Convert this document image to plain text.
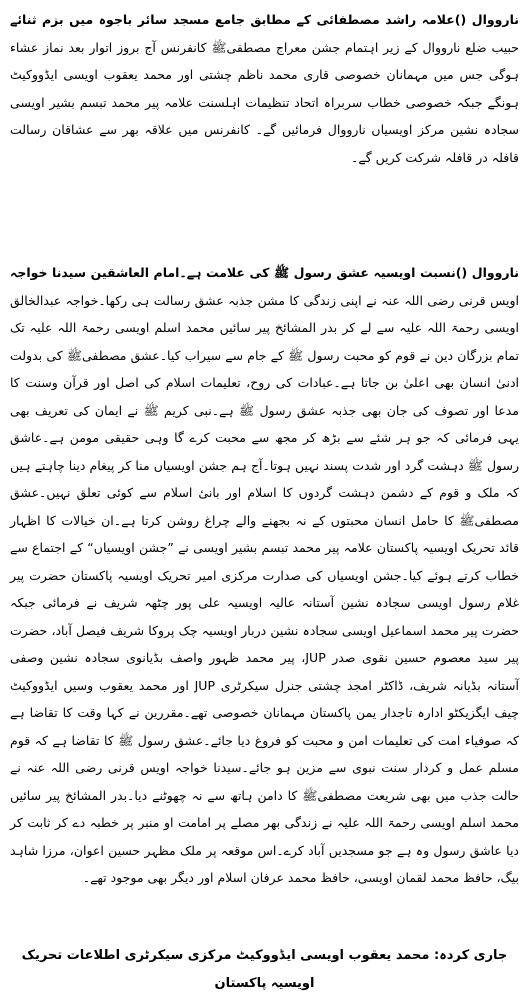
نارووال ()علامہ راشد مصطفائی کے مطابق جامع مسجد سائر باجوہ میں بزم ثنائے حبیب ضلع نارووال کے زیر اہتمام جشن معراج مصطفیﷺ کانفرنس آج بروز اتوار بعد نماز عشاء ہوگی جس میں مہمانان خصوصی قاری محمد ناظم چشتی اور محمد یعقوب اویسی ایڈووکیٹ ہونگے جبکہ خصوصی خطاب سربراہ اتحاد تنظیمات اہلسنت علامہ پیر محمد تبسم بشیر اویسی سجادہ نشین مرکز اویسیاں نارووال فرمائیں گے۔ کانفرنس میں علاقہ بھر سے عشاقان رسالت قافلہ در قافلہ شرکت کریں گے۔

نارووال ()نسبت اویسیہ عشق رسول ﷺ کی علامت ہے۔امام العاشقین سیدنا خواجہ اویس قرنی رضی اللہ عنہ نے اپنی زندگی کا مشن جذبہ عشق رسالت ہی رکھا۔خواجہ عبدالخالق اویسی رحمۃ اللہ علیہ سے لے کر بدر المشائخ پیر سائیں محمد اسلم اویسی رحمۃ اللہ علیہ تک تمام بزرگان دین نے قوم کو محبت رسول ﷺ کے جام سے سیراب کیا۔عشق مصطفیﷺ کی بدولت ادنیٰ انسان بھی اعلیٰ بن جاتا ہے۔عبادات کی روح، تعلیمات اسلام کی اصل اور قرآن وسنت کا مدعا اور تصوف کی جان بھی جذبہ عشق رسول ﷺ ہے۔نبی کریم ﷺ نے ایمان کی تعریف بھی یہی فرمائی کہ جو ہر شئے سے بڑھ کر مجھ سے محبت کرے گا وہی حقیقی مومن ہے۔عاشق رسول ﷺ دہشت گرد اور شدت پسند نہیں ہوتا۔آج ہم جشن اویسیاں منا کر پیغام دینا چاہتے ہیں کہ ملک و قوم کے دشمن دہشت گردوں کا اسلام اور بانیٔ اسلام سے کوئی تعلق نہیں۔عشق مصطفیﷺ کا حامل انسان محبتوں کے نہ بجھنے والے چراغ روشن کرتا ہے۔ان خیالات کا اظہار قائد تحریک اویسیہ پاکستان علامہ پیر محمد تبسم بشیر اویسی نے ”جشن اویسیاں“ کے اجتماع سے خطاب کرتے ہوئے کیا۔جشن اویسیاں کی صدارت مرکزی امیر تحریک اویسیہ پاکستان حضرت پیر غلام رسول اویسی سجادہ نشین آستانہ عالیہ اویسیہ علی پور چٹھہ شریف نے فرمائی جبکہ حضرت پیر محمد اسماعیل اویسی سجادہ نشین دربار اویسیہ چک پروکا شریف فیصل آباد، حضرت پیر سید معصوم حسین نقوی صدر JUP، پیر محمد ظہور واصف بڈیانوی سجادہ نشین وصفی آستانہ بڈیانہ شریف، ڈاکٹر امجد چشتی جنرل سیکرٹری JUP اور محمد یعقوب وسیں ایڈووکیٹ چیف ایگزیکٹو ادارہ تاجدار یمن پاکستان مہمانان خصوصی تھے۔مقررین نے کہا وقت کا تقاضا ہے کہ صوفیاء امت کی تعلیمات امن و محبت کو فروغ دیا جائے۔عشق رسول ﷺ کا تقاضا ہے کہ قوم مسلم عمل و کردار سنت نبوی سے مزین ہو جائے۔سیدنا خواجہ اویس قرنی رضی اللہ عنہ نے حالت جذب میں بھی شریعت مصطفیﷺ کا دامن ہاتھ سے نہ چھوٹنے دیا۔بدر المشائخ پیر سائیں محمد اسلم اویسی رحمۃ اللہ علیہ نے زندگی بھر مصلے پر امامت او منبر پر خطبہ دے کر ثابت کر دیا عاشق رسول وہ ہے جو مسجدیں آباد کرے۔اس موقعہ پر ملک مظہر حسین اعوان، مرزا شاہد بیگ، حافظ محمد لقمان اویسی، حافظ محمد عرفان اسلام اور دیگر بھی موجود تھے۔

جاری کردہ: محمد یعقوب اویسی ایڈووکیٹ مرکزی سیکرٹری اطلاعات تحریک اویسیہ پاکستان
